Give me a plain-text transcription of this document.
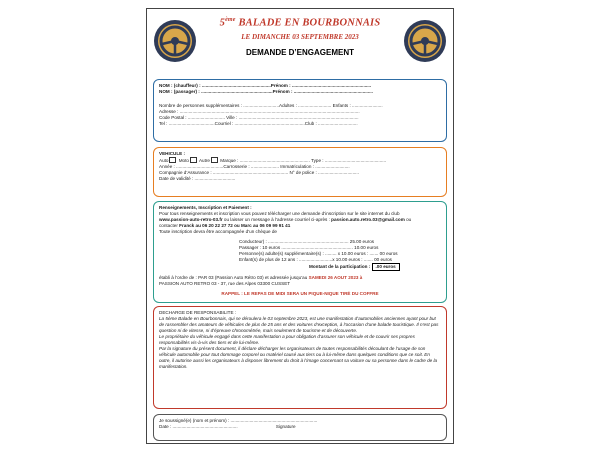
5ème BALADE EN BOURBONNAIS
LE DIMANCHE 03 SEPTEMBRE 2023
DEMANDE D’ENGAGEMENT
NOM : (chauffeur) : ......................................................Prénom : ..............................................................
NOM : (passager) : ........................................................Prénom : ..............................................................
Nombre de personnes supplémentaires : ............................Adultes : .......................... Enfants : ........................
Adresse : .............................................................................................................................................
Code Postal : ............................. Ville : ..............................................................................................
Tel : ....................................Courriel : .......................................................Club : ...............................
VEHICULE :
Auto Moto Autre Marque : ....................................................... Type : ................................................
Année : .....................................Carrosserie : ...................... Immatriculation : ...........................
Compagnie d’Assurance : ........................................................... N° de police : ................................
Date de validité : ................................
Renseignements, Inscription et Paiement :
Pour tous renseignements et inscription vous pouvez télécharger une demande d’inscription sur le site internet du club
www.passion-auto-retro-03.fr ou laisser un message à l’adresse courriel ci-après : passion.auto.retro.03@gmail.com ou
contacter Franck au 06 20 22 27 72 ou Marc au 06 09 99 91 41
Toute inscription devra être accompagnée d’un chèque de
Conducteur) : ............................................................... 25.00 euros
Passager : 10 euros ........................................................ 10.00 euros
Personne(s) adulte(s) supplémentaire(s) : ......... x 10.00 euros : ....... 00 euros
Enfant(s) de plus de 12 ans : ..........................x 10.00 euros : ....... 00 euros
Montant de la participation : .00 euros
établi à l’ordre de : PAR 03 (Passion Auto Rétro 03) et adressée jusqu’au SAMEDI 26 AOUT 2023 à
PASSION AUTO RETRO 03 - 37, rue des Alpes 03300 CUSSET
RAPPEL : LE REPAS DE MIDI SERA UN PIQUE-NIQUE TIRÉ DU COFFRE
DECHARGE DE RESPONSABILITE :
La 5ème Balade en Bourbonnais, qui se déroulera le 03 septembre 2023, est une manifestation d’automobiles anciennes ayant pour but de rassembler des amateurs de véhicules de plus de 25 ans et des voitures d’exception, à l’occasion d’une balade touristique. Il n’est pas question ni de vitesse, ni d’épreuve chronométrée, mais seulement de tourisme et de découverte.
Le propriétaire du véhicule engagé dans cette manifestation a pour obligation d’assurer son véhicule et de couvrir ses propres responsabilités vis-à-vis des tiers et de lui-même.
Par la signature du présent document, il déclare décharger les organisateurs de toutes responsabilités découlant de l’usage de son véhicule automobile pour tout dommage corporel ou matériel causé aux tiers ou à lui-même dans quelques conditions que ce soit. En outre, il autorise aussi les organisateurs à disposer librement du droit à l’image concernant sa voiture ou sa personne dans le cadre de la manifestation.
Je soussigné(e) (nom et prénom) : ....................................................................
Date : ...................................................                              Signature
